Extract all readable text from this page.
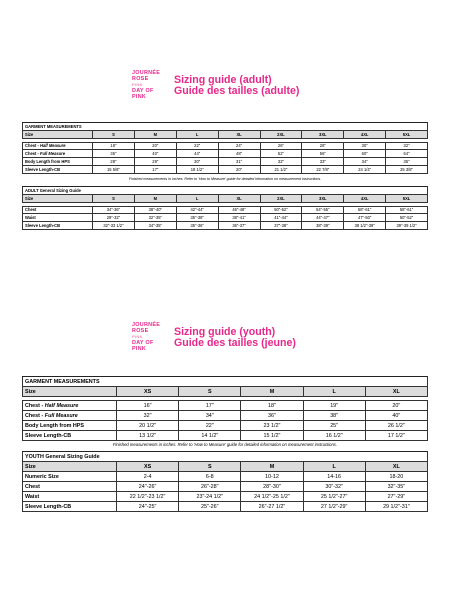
JOURNÉE
ROSE
PINK
DAY OF
PINK
Sizing guide (adult)
Guide des tailles (adulte)
GARMENT MEASUREMENTS								
Size	S	M	L	XL	2XL	3XL	4XL	5XL

Chest - Half Measure	18"	20"	22"	24"	26"	28"	30"	32"
Chest - Full Measure	36"	40"	44"	48"	52"	56"	60"	64"
Body Length from HPS	28"	29"	30"	31"	32"	33"	34"	35"
Sleeve Length-CB	15 5/8"	17"	18 1/2"	20"	21 1/2"	22 7/8"	24 1/4"	25 3/8"
Finished measurements in inches. Refer to 'How to Measure' guide for detailed information on measurement instructions.
ADULT General Sizing Guide								
Size	S	M	L	XL	2XL	3XL	4XL	5XL

Chest	34"-36"	38"-40"	42"-44"	46"-48"	50"-52"	54"-55"	58"-61"	58"-61"
Waist	29"-32"	32"-35"	35"-38"	38"-41"	41"-44"	44"-47"	47"-50"	50"-52"
Sleeve Length-CB	32"-33 1/2"	34"-35"	35"-36"	36"-37"	37"-38"	38"-39"	38 1/2"-39"	39"-39 1/2"
JOURNÉE
ROSE
PINK
DAY OF
PINK
Sizing guide (youth)
Guide des tailles (jeune)
GARMENT MEASUREMENTS					
Size	XS	S	M	L	XL

Chest - Half Measure	16"	17"	18"	19"	20"
Chest - Full Measure	32"	34"	36"	38"	40"
Body Length from HPS	20 1/2"	22"	23 1/2"	25"	26 1/2"
Sleeve Length-CB	13 1/2"	14 1/2"	15 1/2"	16 1/2"	17 1/2"
Finished measurements in inches. Refer to 'How to Measure' guide for detailed information on measurement instructions.
YOUTH General Sizing Guide					
Size	XS	S	M	L	XL
Numeric Size	2-4	6-8	10-12	14-16	18-20
Chest	24"-26"	26"-28"	28"-30"	30"-32"	32"-35"
Waist	22 1/2"-23 1/2"	23"-24 1/2"	24 1/2"-25 1/2"	25 1/2"-27"	27"-29"
Sleeve Length-CB	24"-25"	25"-26"	26"-27 1/2"	27 1/2"-29"	29 1/2"-31"
